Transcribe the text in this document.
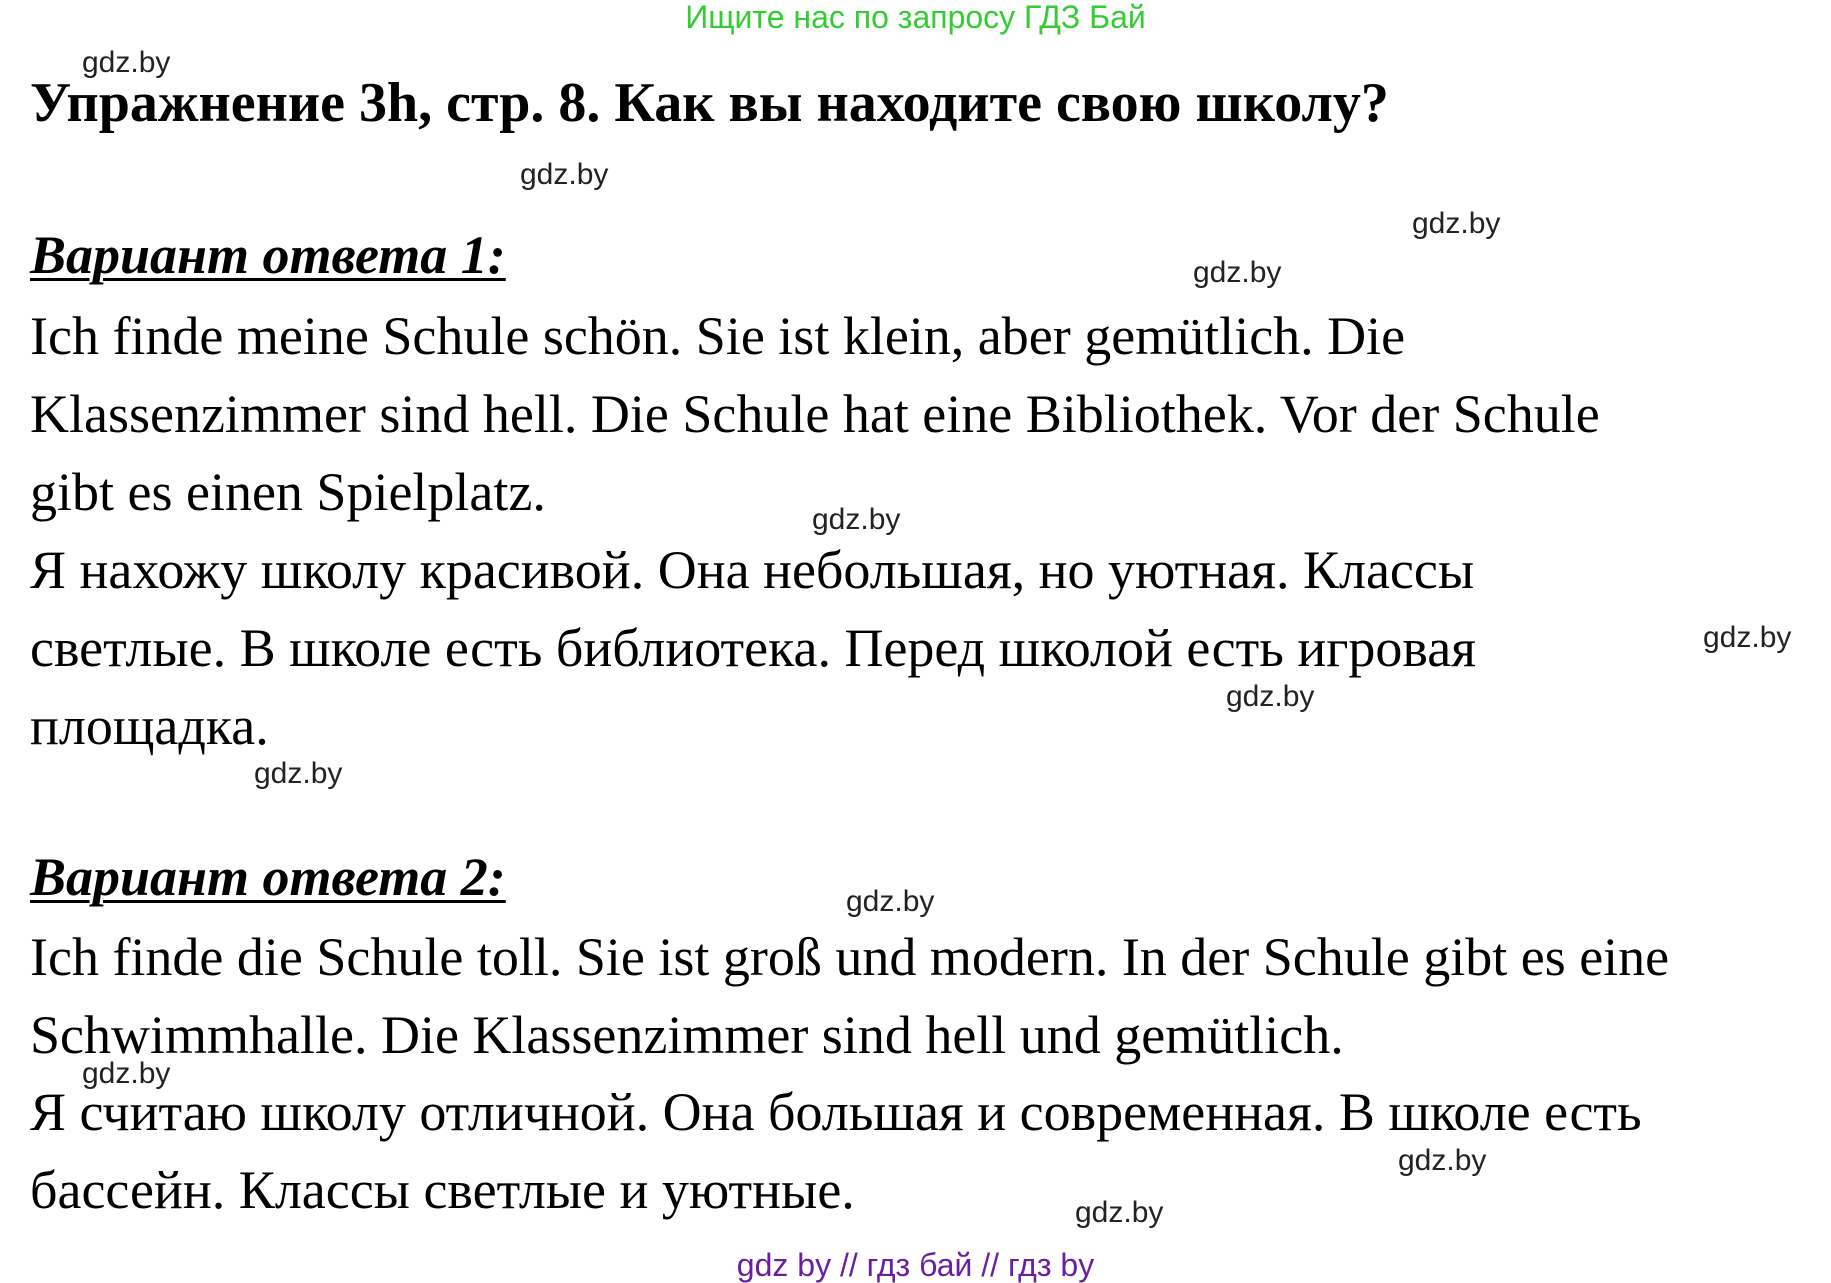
Ищите нас по запросу ГДЗ Бай
gdz.by
Упражнение 3h, стр. 8. Как вы находите свою школу?
gdz.by
gdz.by
gdz.by
Вариант ответа 1:
Ich finde meine Schule schön. Sie ist klein, aber gemütlich. Die
Klassenzimmer sind hell. Die Schule hat eine Bibliothek. Vor der Schule
gibt es einen Spielplatz.	gdz.by
Я нахожу школу красивой. Она небольшая, но уютная. Классы
светлые. В школе есть библиотека. Перед школой есть игровая
площадка.
gdz.by
gdz.by
gdz.by
Вариант ответа 2:	gdz.by
Ich finde die Schule toll. Sie ist groß und modern. In der Schule gibt es eine
Schwimmhalle. Die Klassenzimmer sind hell und gemütlich.
gdz.by
Я считаю школу отличной. Она большая и современная. В школе есть
бассейн. Классы светлые и уютные.	gdz.by
gdz.by
gdz by // гдз бай // гдз by
